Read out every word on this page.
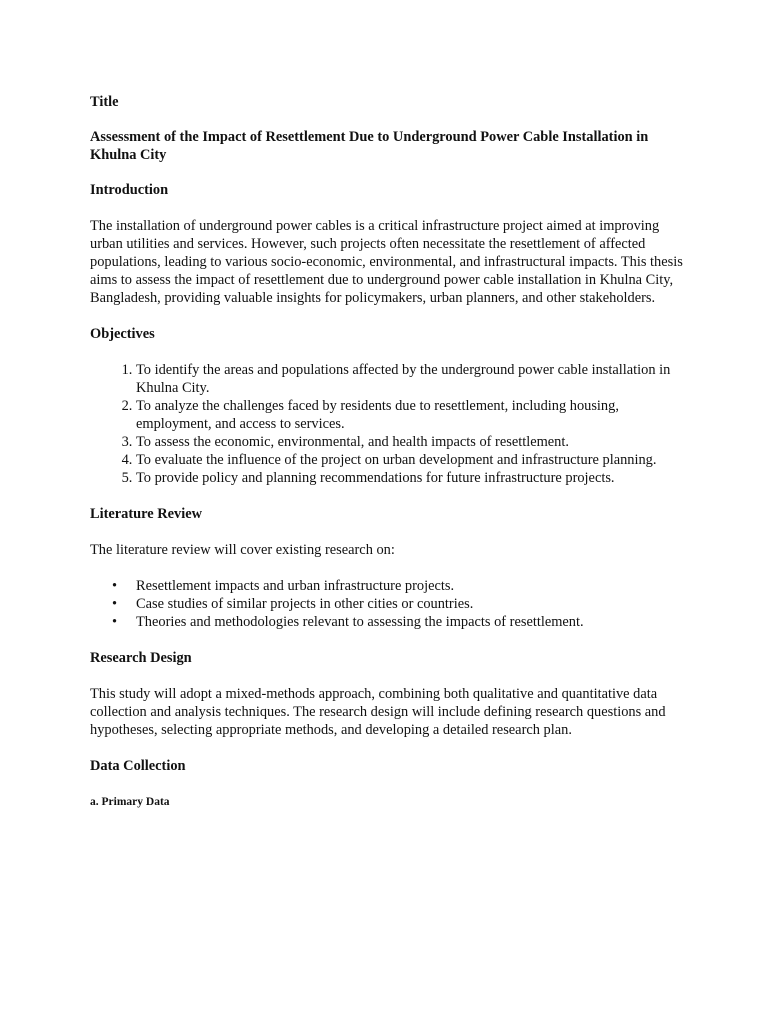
Title

Assessment of the Impact of Resettlement Due to Underground Power Cable Installation in Khulna City

Introduction

The installation of underground power cables is a critical infrastructure project aimed at improving urban utilities and services. However, such projects often necessitate the resettlement of affected populations, leading to various socio-economic, environmental, and infrastructural impacts. This thesis aims to assess the impact of resettlement due to underground power cable installation in Khulna City, Bangladesh, providing valuable insights for policymakers, urban planners, and other stakeholders.

Objectives

1. To identify the areas and populations affected by the underground power cable installation in Khulna City.
2. To analyze the challenges faced by residents due to resettlement, including housing, employment, and access to services.
3. To assess the economic, environmental, and health impacts of resettlement.
4. To evaluate the influence of the project on urban development and infrastructure planning.
5. To provide policy and planning recommendations for future infrastructure projects.

Literature Review

The literature review will cover existing research on:

• Resettlement impacts and urban infrastructure projects.
• Case studies of similar projects in other cities or countries.
• Theories and methodologies relevant to assessing the impacts of resettlement.

Research Design

This study will adopt a mixed-methods approach, combining both qualitative and quantitative data collection and analysis techniques. The research design will include defining research questions and hypotheses, selecting appropriate methods, and developing a detailed research plan.

Data Collection

a. Primary Data
